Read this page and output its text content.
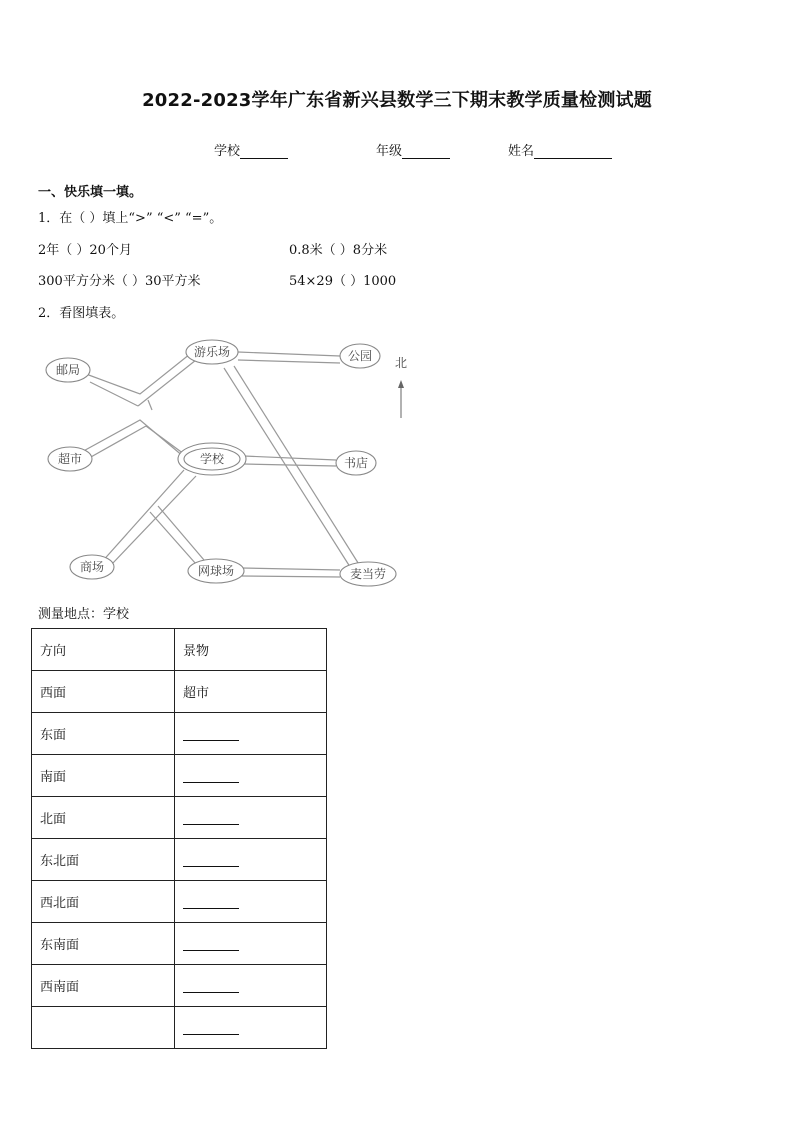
2022-2023学年广东省新兴县数学三下期末教学质量检测试题
学校	年级	姓名
一、快乐填一填。
1．在（ ）填上“>” “<” “=”。
2年（ ）20个月	0.8米（ ）8分米
300平方分米（ ）30平方米	54×29（ ）1000
2．看图填表。
邮局
游乐场	公园
超市	学校	书店
商场	网球场	麦当劳
北
测量地点：学校
方向	景物
西面	超市
东面	
南面	
北面	
东北面	
西北面	
东南面	
西南面	
